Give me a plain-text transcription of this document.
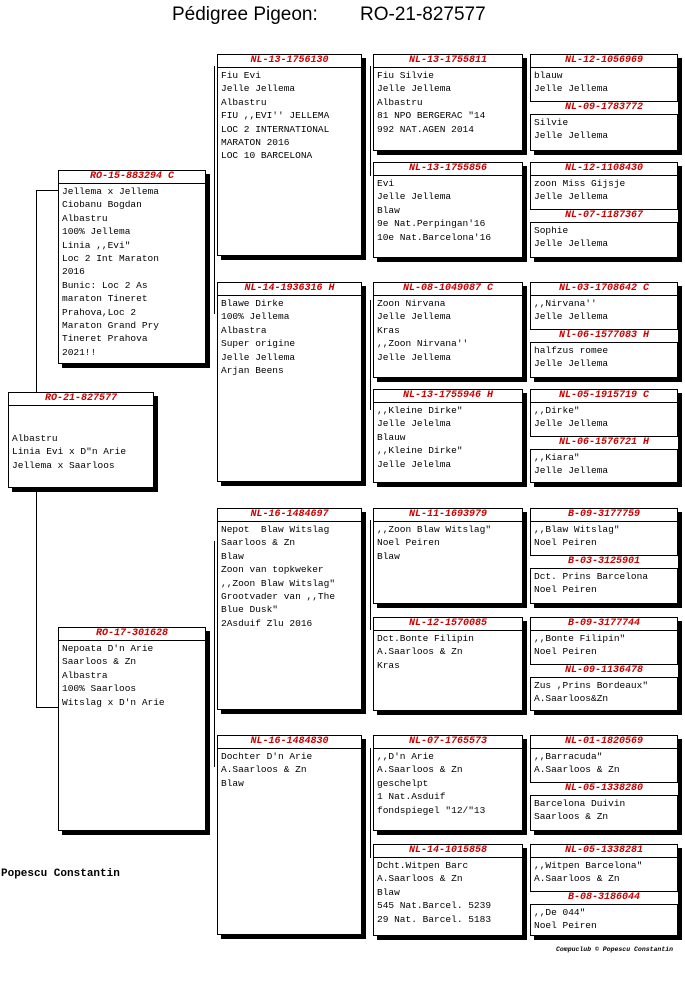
Pédigree Pigeon: RO-21-827577
RO-21-827577
Albastru
Linia Evi x D"n Arie
Jellema x Saarloos
RO-15-883294 C
Jellema x Jellema
Ciobanu Bogdan
Albastru
100% Jellema
Linia ,,Evi"
Loc 2 Int Maraton
2016
Bunic: Loc 2 As
maraton Tineret
Prahova,Loc 2
Maraton Grand Pry
Tineret Prahova
2021!!
RO-17-301628
Nepoata D'n Arie
Saarloos & Zn
Albastra
100% Saarloos
Witslag x D'n Arie
NL-13-1756130
Fiu Evi
Jelle Jellema
Albastru
FIU ,,EVI'' JELLEMA
LOC 2 INTERNATIONAL
MARATON 2016
LOC 10 BARCELONA
NL-14-1936316 H
Blawe Dirke
100% Jellema
Albastra
Super origine
Jelle Jellema
Arjan Beens
NL-16-1484697
Nepot  Blaw Witslag
Saarloos & Zn
Blaw
Zoon van topkweker
,,Zoon Blaw Witslag"
Grootvader van ,,The
Blue Dusk"
2Asduif Zlu 2016
NL-16-1484830
Dochter D'n Arie
A.Saarloos & Zn
Blaw
NL-13-1755811
Fiu Silvie
Jelle Jellema
Albastru
81 NPO BERGERAC "14
992 NAT.AGEN 2014
NL-13-1755856
Evi
Jelle Jellema
Blaw
9e Nat.Perpingan'16
10e Nat.Barcelona'16
NL-08-1049087 C
Zoon Nirvana
Jelle Jellema
Kras
,,Zoon Nirvana''
Jelle Jellema
NL-13-1755946 H
,,Kleine Dirke"
Jelle Jelelma
Blauw
,,Kleine Dirke"
Jelle Jelelma
NL-11-1693979
,,Zoon Blaw Witslag"
Noel Peiren
Blaw
NL-12-1570085
Dct.Bonte Filipin
A.Saarloos & Zn
Kras
NL-07-1765573
,,D'n Arie
A.Saarloos & Zn
geschelpt
1 Nat.Asduif
fondspiegel "12/"13
NL-14-1015858
Dcht.Witpen Barc
A.Saarloos & Zn
Blaw
545 Nat.Barcel. 5239
29 Nat. Barcel. 5183
NL-12-1056969
blauw
Jelle Jellema
NL-09-1783772
Silvie
Jelle Jellema
NL-12-1108430
zoon Miss Gijsje
Jelle Jellema
NL-07-1187367
Sophie
Jelle Jellema
NL-03-1708642 C
,,Nirvana''
Jelle Jellema
Nl-06-1577083 H
halfzus romee
Jelle Jellema
NL-05-1915719 C
,,Dirke"
Jelle Jellema
NL-06-1576721 H
,,Kiara"
Jelle Jellema
B-09-3177759
,,Blaw Witslag"
Noel Peiren
B-03-3125901
Dct. Prins Barcelona
Noel Peiren
B-09-3177744
,,Bonte Filipin"
Noel Peiren
NL-09-1136478
Zus ,Prins Bordeaux"
A.Saarloos&Zn
NL-01-1820569
,,Barracuda"
A.Saarloos & Zn
NL-05-1338280
Barcelona Duivin
Saarloos & Zn
NL-05-1338281
,,Witpen Barcelona"
A.Saarloos & Zn
B-08-3186044
,,De 044"
Noel Peiren
Popescu Constantin
Compuclub © Popescu Constantin
